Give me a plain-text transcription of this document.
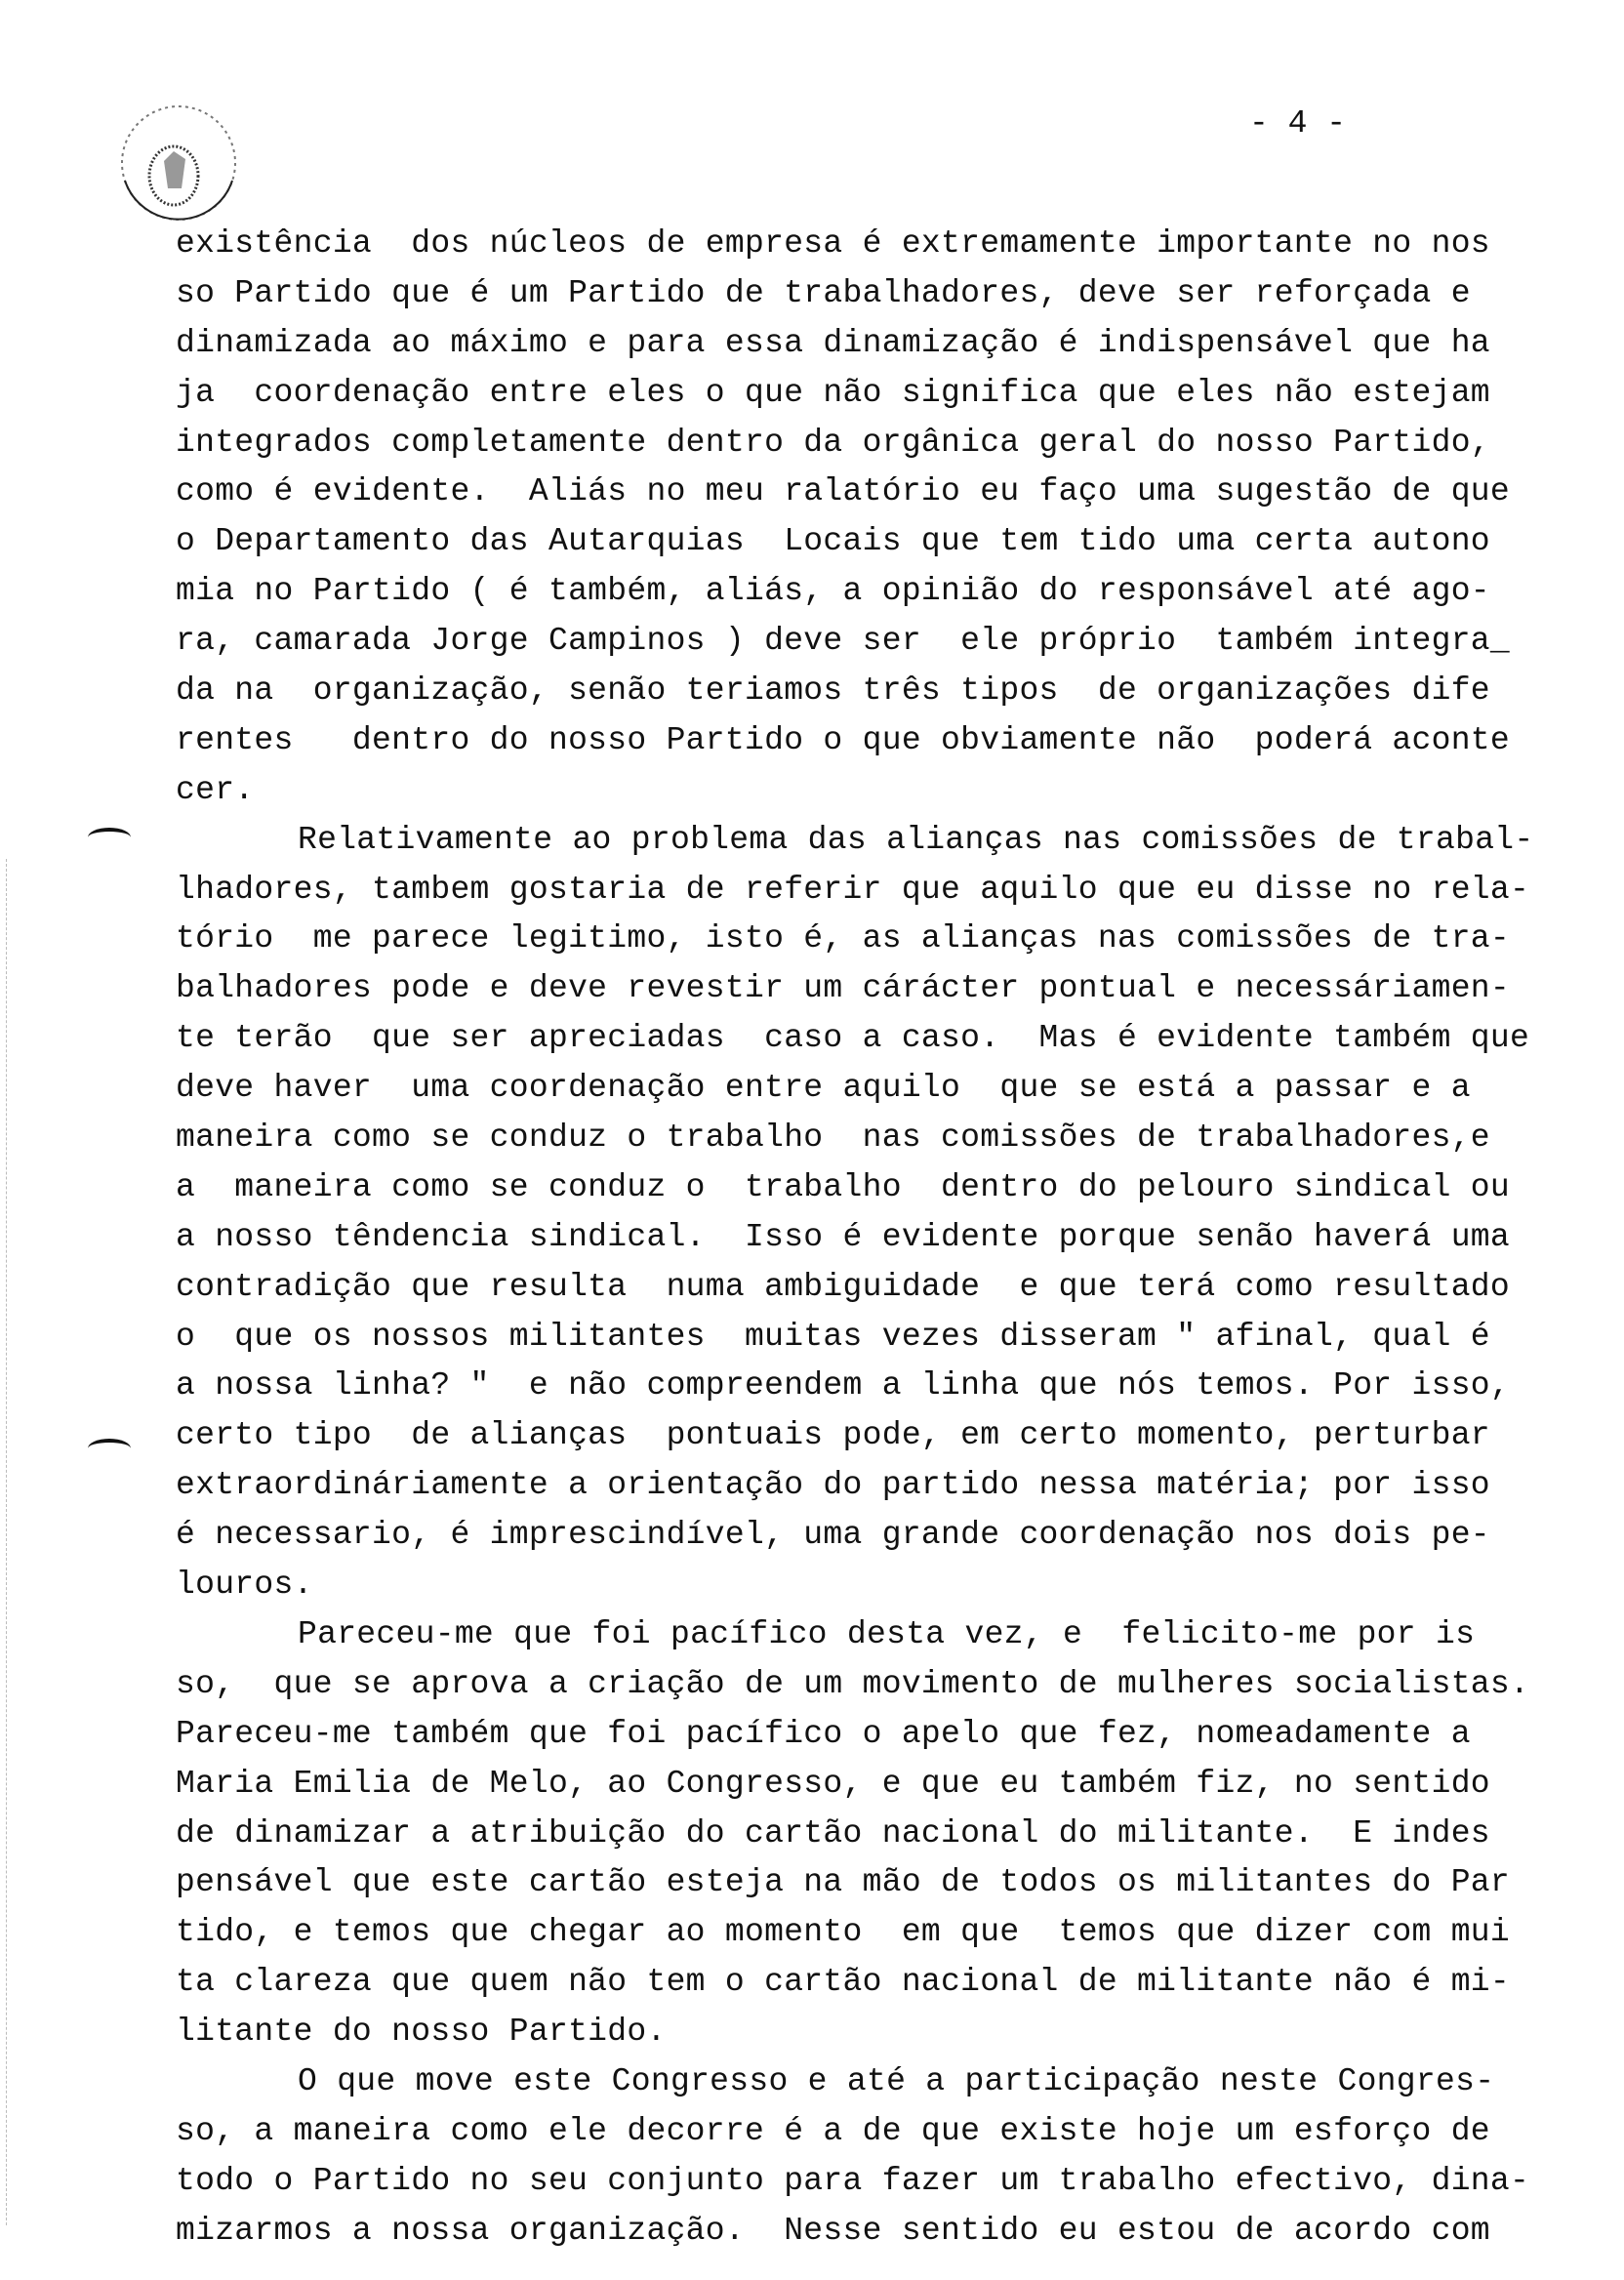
- 4 -
existência  dos núcleos de empresa é extremamente importante no nos
so Partido que é um Partido de trabalhadores, deve ser reforçada e
dinamizada ao máximo e para essa dinamização é indispensável que ha
ja  coordenação entre eles o que não significa que eles não estejam
integrados completamente dentro da orgânica geral do nosso Partido,
como é evidente.  Aliás no meu ralatório eu faço uma sugestão de que
o Departamento das Autarquias  Locais que tem tido uma certa autono
mia no Partido ( é também, aliás, a opinião do responsável até ago-
ra, camarada Jorge Campinos ) deve ser  ele próprio  também integra_
da na  organização, senão teriamos três tipos  de organizações dife
rentes   dentro do nosso Partido o que obviamente não  poderá aconte
cer.
Relativamente ao problema das alianças nas comissões de trabal-
lhadores, tambem gostaria de referir que aquilo que eu disse no rela-
tório  me parece legitimo, isto é, as alianças nas comissões de tra-
balhadores pode e deve revestir um cárácter pontual e necessáriamen-
te terão  que ser apreciadas  caso a caso.  Mas é evidente também que
deve haver  uma coordenação entre aquilo  que se está a passar e a
maneira como se conduz o trabalho  nas comissões de trabalhadores,e
a  maneira como se conduz o  trabalho  dentro do pelouro sindical ou
a nosso têndencia sindical.  Isso é evidente porque senão haverá uma
contradição que resulta  numa ambiguidade  e que terá como resultado
o  que os nossos militantes  muitas vezes disseram " afinal, qual é
a nossa linha? "  e não compreendem a linha que nós temos. Por isso,
certo tipo  de alianças  pontuais pode, em certo momento, perturbar
extraordináriamente a orientação do partido nessa matéria; por isso
é necessario, é imprescindível, uma grande coordenação nos dois pe-
louros.
Pareceu-me que foi pacífico desta vez, e  felicito-me por is
so,  que se aprova a criação de um movimento de mulheres socialistas.
Pareceu-me também que foi pacífico o apelo que fez, nomeadamente a
Maria Emilia de Melo, ao Congresso, e que eu também fiz, no sentido
de dinamizar a atribuição do cartão nacional do militante.  E indes
pensável que este cartão esteja na mão de todos os militantes do Par
tido, e temos que chegar ao momento  em que  temos que dizer com mui
ta clareza que quem não tem o cartão nacional de militante não é mi-
litante do nosso Partido.
O que move este Congresso e até a participação neste Congres-
so, a maneira como ele decorre é a de que existe hoje um esforço de
todo o Partido no seu conjunto para fazer um trabalho efectivo, dina-
mizarmos a nossa organização.  Nesse sentido eu estou de acordo com
